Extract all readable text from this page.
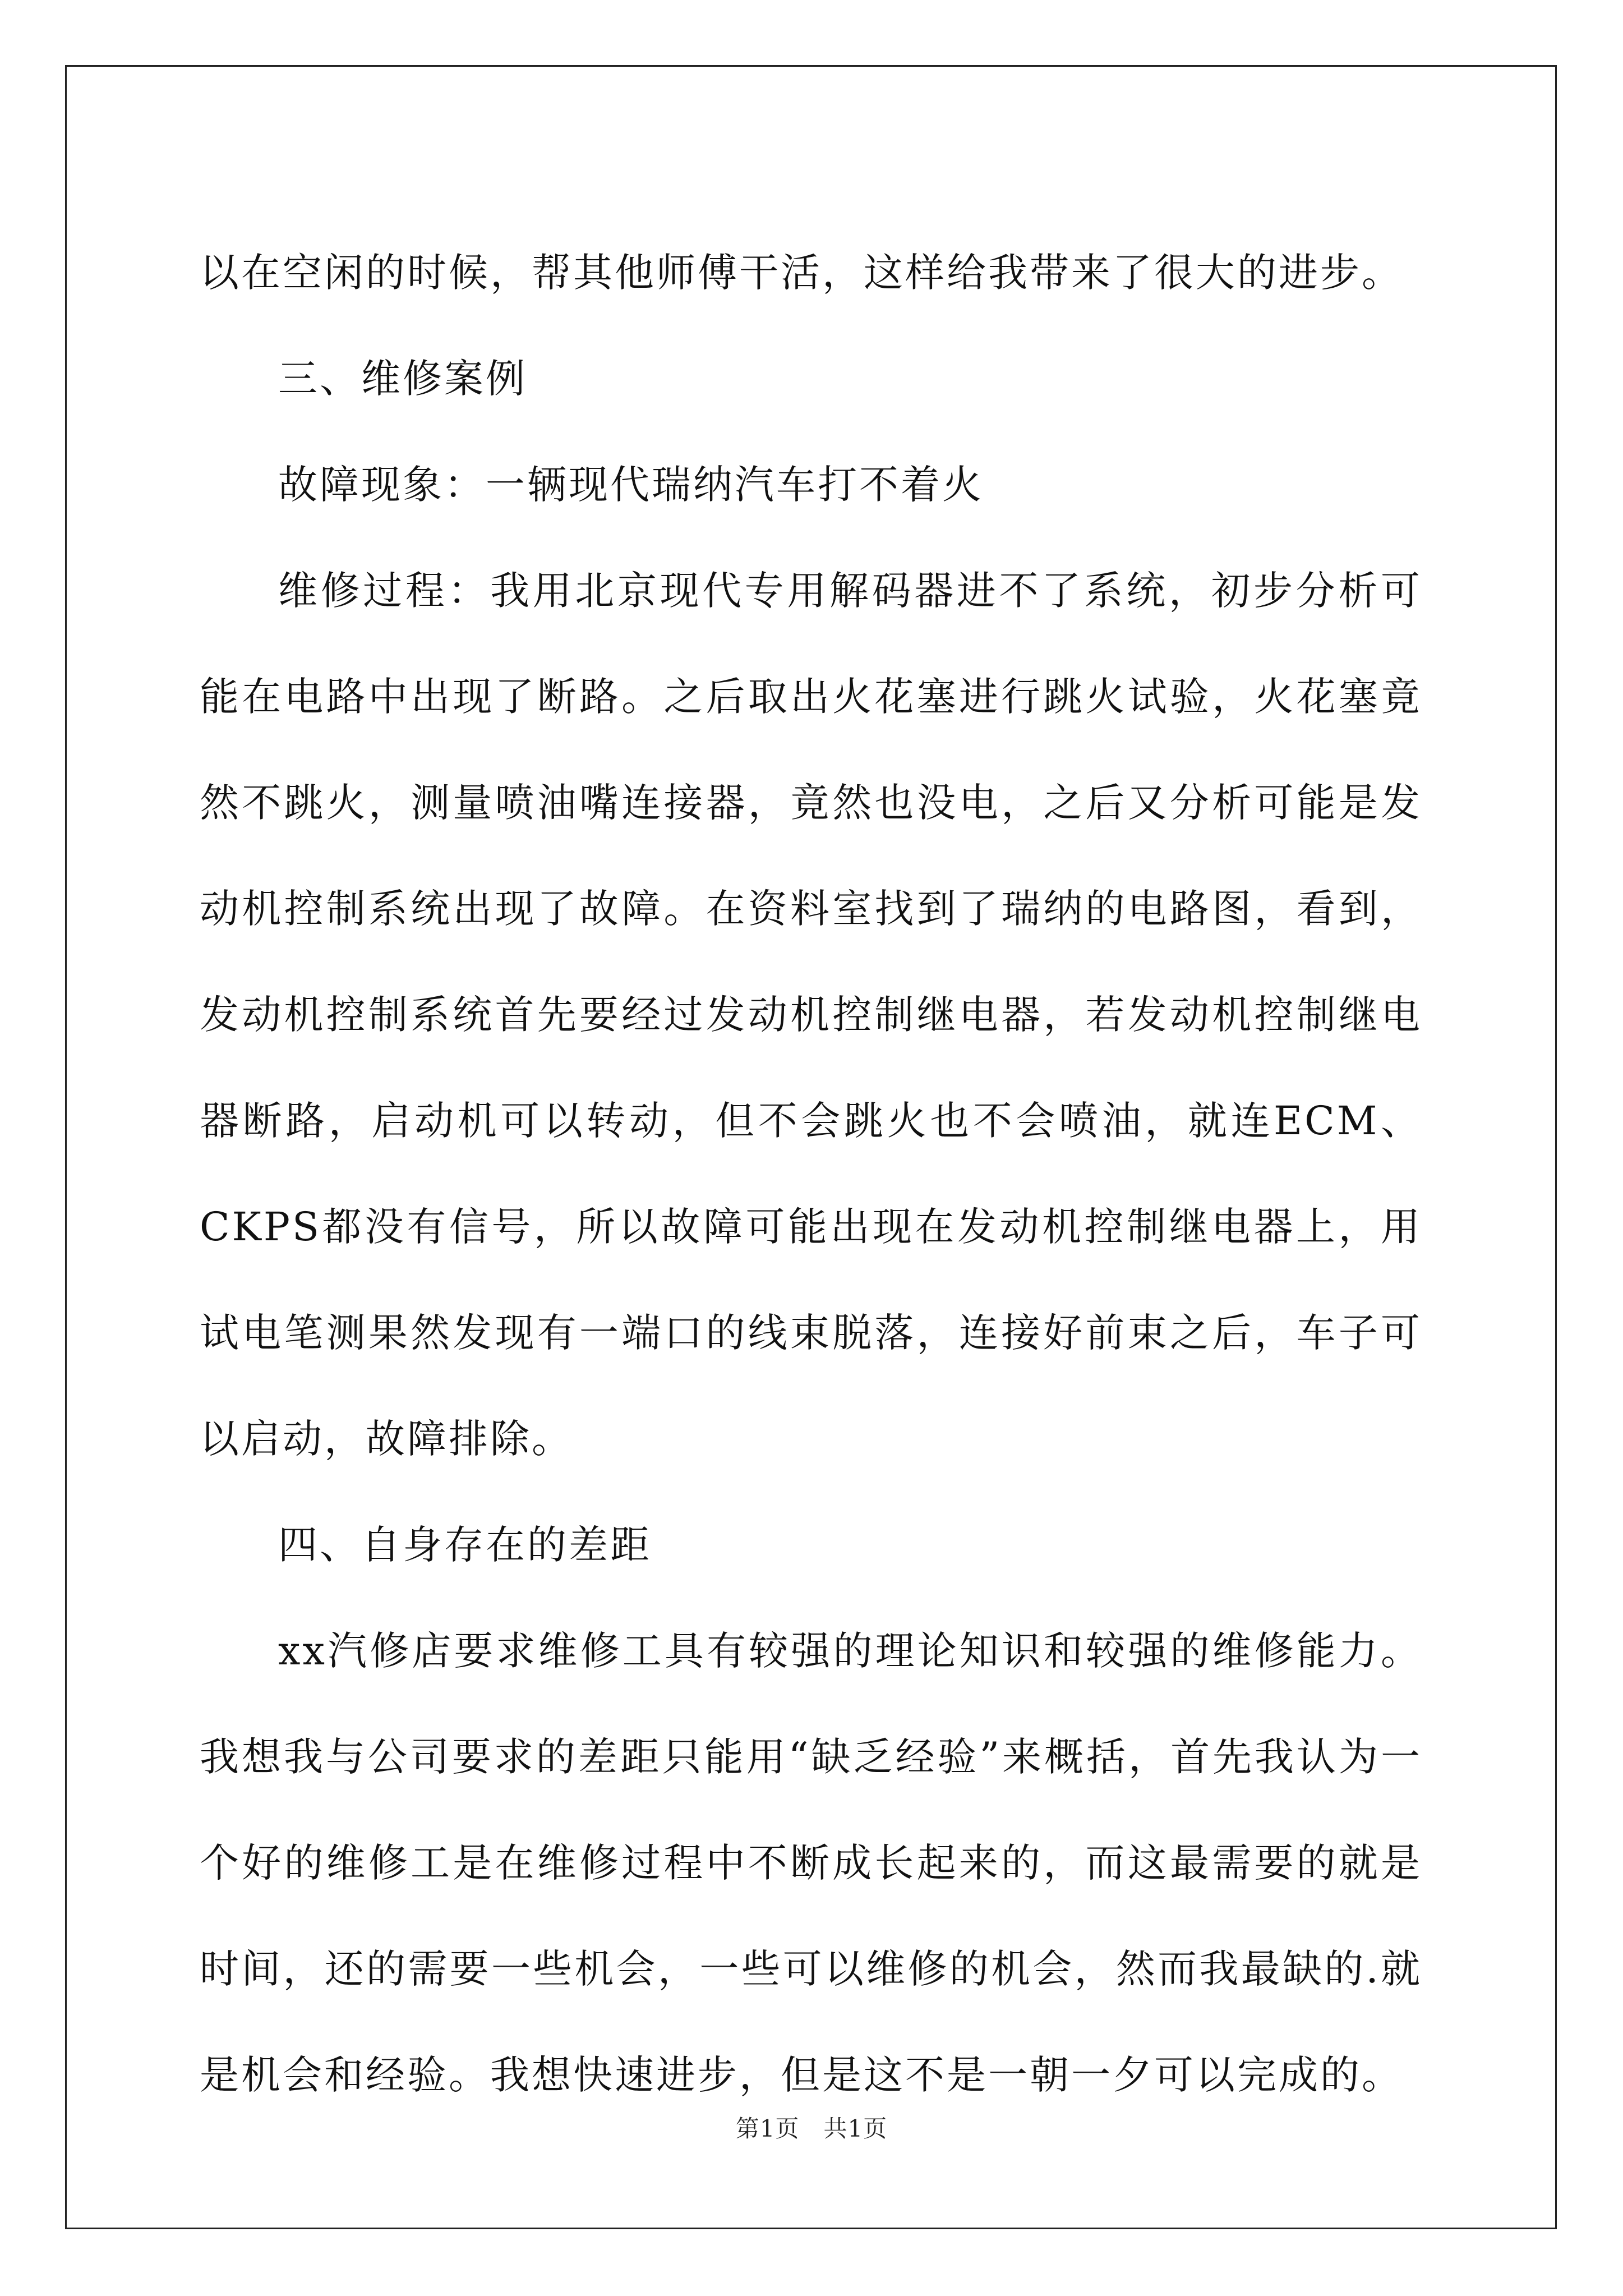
以在空闲的时候，帮其他师傅干活，这样给我带来了很大的进步。

三、维修案例

故障现象：一辆现代瑞纳汽车打不着火

维修过程：我用北京现代专用解码器进不了系统，初步分析可能在电路中出现了断路。之后取出火花塞进行跳火试验，火花塞竟然不跳火，测量喷油嘴连接器，竟然也没电，之后又分析可能是发动机控制系统出现了故障。在资料室找到了瑞纳的电路图，看到，发动机控制系统首先要经过发动机控制继电器，若发动机控制继电器断路，启动机可以转动，但不会跳火也不会喷油，就连ECM、CKPS都没有信号，所以故障可能出现在发动机控制继电器上，用试电笔测果然发现有一端口的线束脱落，连接好前束之后，车子可以启动，故障排除。

四、自身存在的差距

xx汽修店要求维修工具有较强的理论知识和较强的维修能力。我想我与公司要求的差距只能用“缺乏经验”来概括，首先我认为一个好的维修工是在维修过程中不断成长起来的，而这最需要的就是时间，还的需要一些机会，一些可以维修的机会，然而我最缺的.就是机会和经验。我想快速进步，但是这不是一朝一夕可以完成的。

第1页 共1页
